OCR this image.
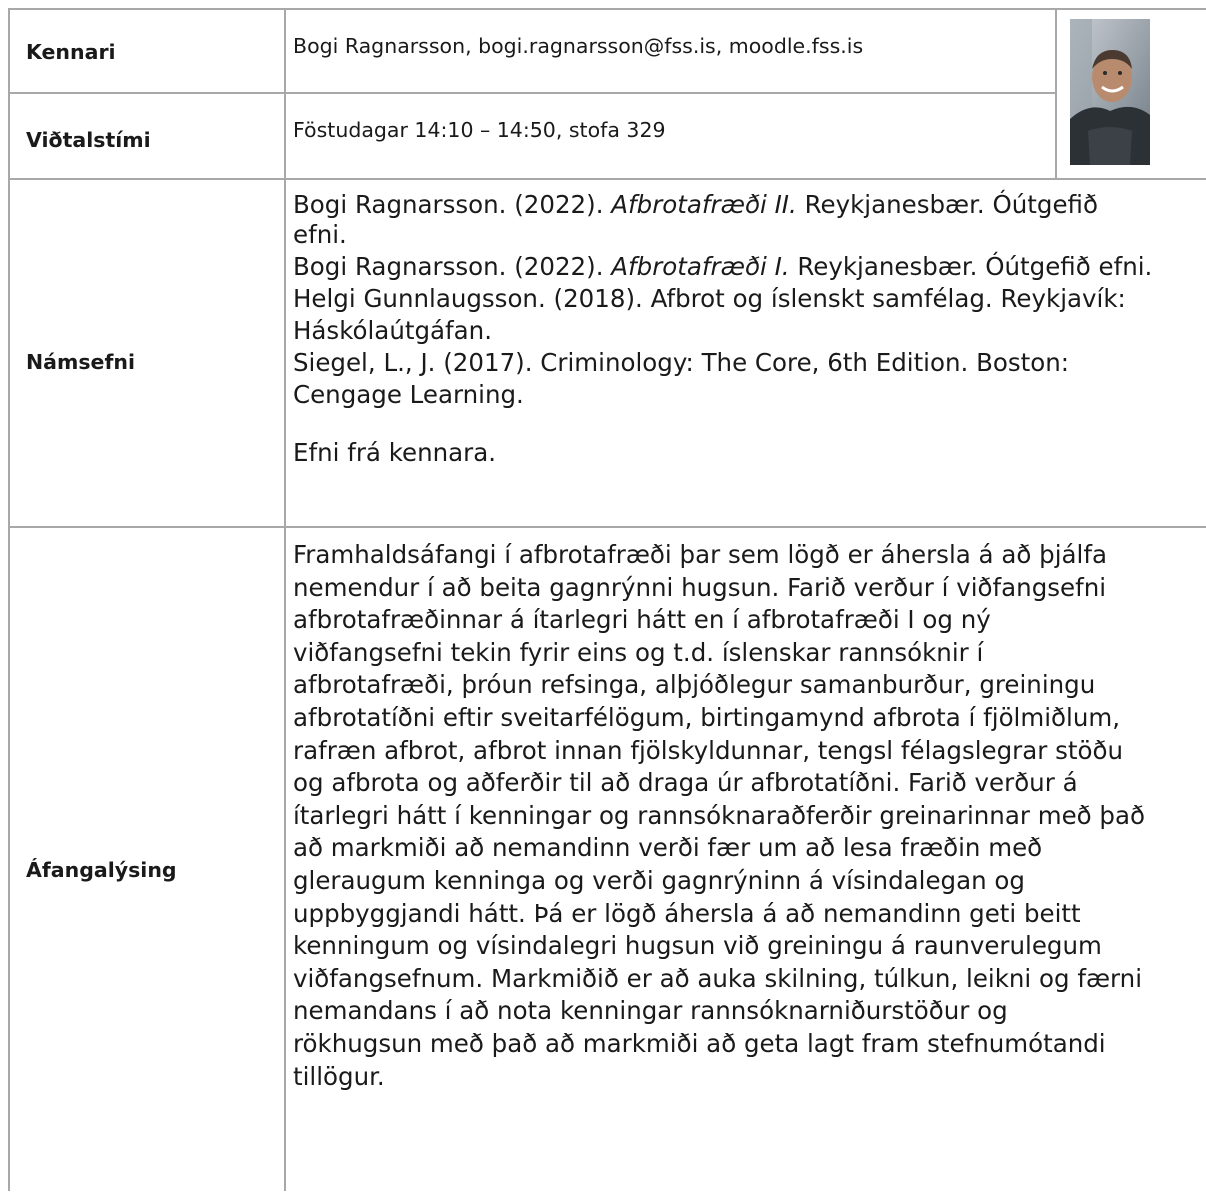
Kennari	Bogi Ragnarsson, bogi.ragnarsson@fss.is, moodle.fss.is
Viðtalstími	Föstudagar 14:10 – 14:50, stofa 329
Námsefni
Bogi Ragnarsson. (2022). Afbrotafræði II. Reykjanesbær. Óútgefið
efni.
Bogi Ragnarsson. (2022). Afbrotafræði I. Reykjanesbær. Óútgefið efni.
Helgi Gunnlaugsson. (2018). Afbrot og íslenskt samfélag. Reykjavík:
Háskólaútgáfan.
Siegel, L., J. (2017). Criminology: The Core, 6th Edition. Boston:
Cengage Learning.
Efni frá kennara.
Áfangalýsing
Framhaldsáfangi í afbrotafræði þar sem lögð er áhersla á að þjálfa
nemendur í að beita gagnrýnni hugsun. Farið verður í viðfangsefni
afbrotafræðinnar á ítarlegri hátt en í afbrotafræði I og ný
viðfangsefni tekin fyrir eins og t.d. íslenskar rannsóknir í
afbrotafræði, þróun refsinga, alþjóðlegur samanburður, greiningu
afbrotatíðni eftir sveitarfélögum, birtingamynd afbrota í fjölmiðlum,
rafræn afbrot, afbrot innan fjölskyldunnar, tengsl félagslegrar stöðu
og afbrota og aðferðir til að draga úr afbrotatíðni. Farið verður á
ítarlegri hátt í kenningar og rannsóknaraðferðir greinarinnar með það
að markmiði að nemandinn verði fær um að lesa fræðin með
gleraugum kenninga og verði gagnrýninn á vísindalegan og
uppbyggjandi hátt. Þá er lögð áhersla á að nemandinn geti beitt
kenningum og vísindalegri hugsun við greiningu á raunverulegum
viðfangsefnum. Markmiðið er að auka skilning, túlkun, leikni og færni
nemandans í að nota kenningar rannsóknarniðurstöður og
rökhugsun með það að markmiði að geta lagt fram stefnumótandi
tillögur.
